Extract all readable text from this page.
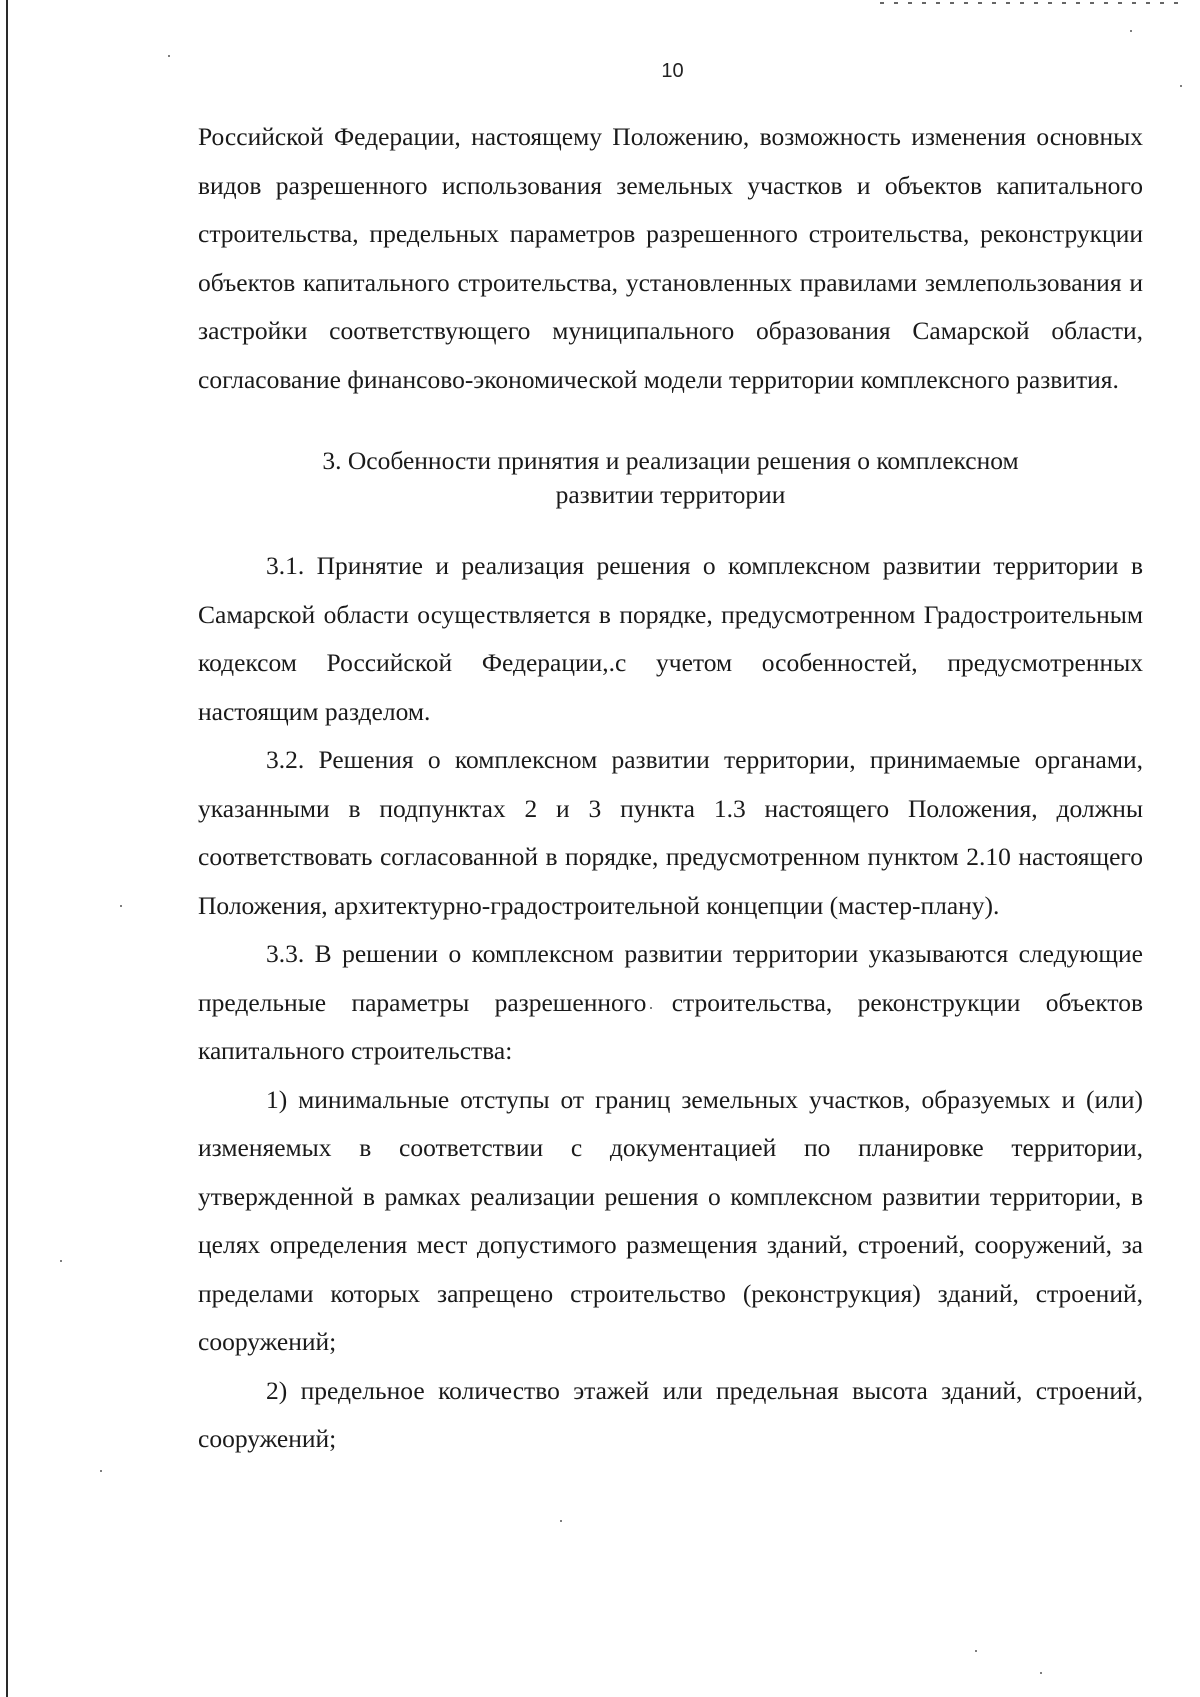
10

Российской Федерации, настоящему Положению, возможность изменения основных видов разрешенного использования земельных участков и объектов капитального строительства, предельных параметров разрешенного строительства, реконструкции объектов капитального строительства, установленных правилами землепользования и застройки соответствующего муниципального образования Самарской области, согласование финансово-экономической модели территории комплексного развития.

3. Особенности принятия и реализации решения о комплексном
развитии территории

3.1. Принятие и реализация решения о комплексном развитии территории в Самарской области осуществляется в порядке, предусмотренном Градостроительным кодексом Российской Федерации,.с учетом особенностей, предусмотренных настоящим разделом.

3.2. Решения о комплексном развитии территории, принимаемые органами, указанными в подпунктах 2 и 3 пункта 1.3 настоящего Положения, должны соответствовать согласованной в порядке, предусмотренном пунктом 2.10 настоящего Положения, архитектурно-градостроительной концепции (мастер-плану).

3.3. В решении о комплексном развитии территории указываются следующие предельные параметры разрешенного строительства, реконструкции объектов капитального строительства:

1) минимальные отступы от границ земельных участков, образуемых и (или) изменяемых в соответствии с документацией по планировке территории, утвержденной в рамках реализации решения о комплексном развитии территории, в целях определения мест допустимого размещения зданий, строений, сооружений, за пределами которых запрещено строительство (реконструкция) зданий, строений, сооружений;

2) предельное количество этажей или предельная высота зданий, строений, сооружений;
